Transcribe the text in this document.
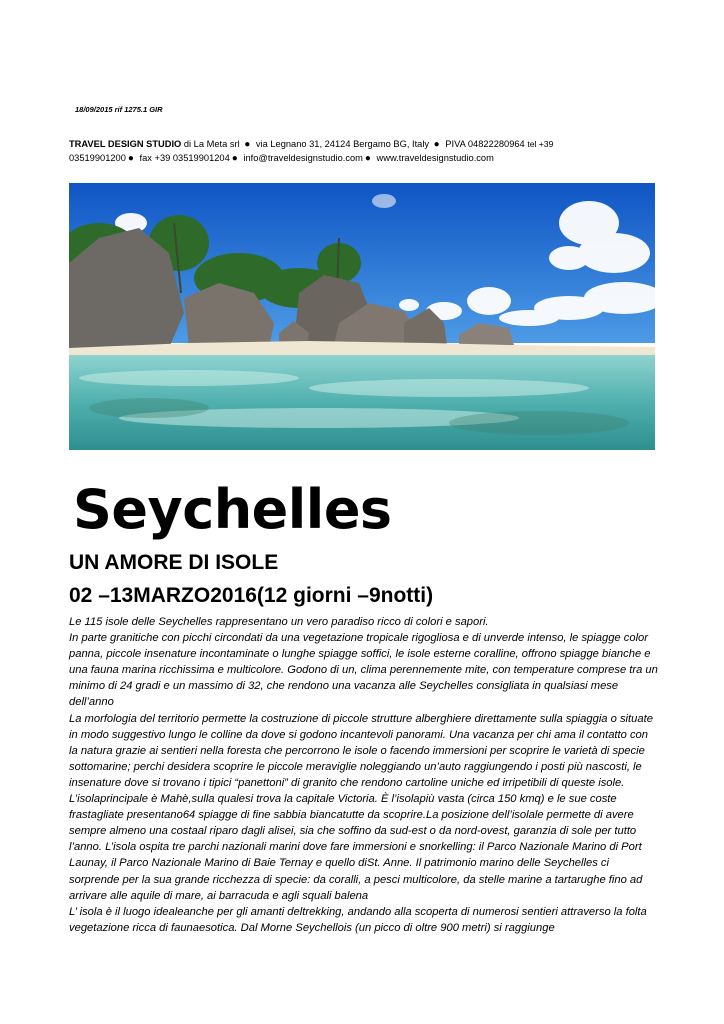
18/09/2015 rif 1275.1 GIR
TRAVEL DESIGN STUDIO di La Meta srl ● via Legnano 31, 24124 Bergamo BG, Italy ● PIVA 04822280964 tel +39
03519901200 ● fax +39 03519901204 ● info@traveldesignstudio.com ● www.traveldesignstudio.com
Seychelles
UN AMORE DI ISOLE
02 –13MARZO2016(12 giorni –9notti)

Le 115 isole delle Seychelles rappresentano un vero paradiso ricco di colori e sapori.

In parte granitiche con picchi circondati da una vegetazione tropicale rigogliosa e di unverde intenso, le spiagge color panna, piccole insenature incontaminate o lunghe spiagge soffici, le isole esterne coralline, offrono spiagge bianche e una fauna marina ricchissima e multicolore. Godono di un, clima perennemente mite, con temperature comprese tra un minimo di 24 gradi e un massimo di 32, che rendono una vacanza alle Seychelles consigliata in qualsiasi mese dell’anno

La morfologia del territorio permette la costruzione di piccole strutture alberghiere direttamente sulla spiaggia o situate in modo suggestivo lungo le colline da dove si godono incantevoli panorami. Una vacanza per chi ama il contatto con la natura grazie ai sentieri nella foresta che percorrono le isole o facendo immersioni per scoprire le varietà di specie sottomarine; perchi desidera scoprire le piccole meraviglie noleggiando un’auto raggiungendo i posti più nascosti, le insenature dove si trovano i tipici “panettoni” di granito che rendono cartoline uniche ed irripetibili di queste isole.

L’isolaprincipale è Mahè,sulla qualesi trova la capitale Victoria. È l’isolapiù vasta (circa 150 kmq) e le sue coste frastagliate presentano64 spiagge di fine sabbia biancatutte da scoprire.La posizione dell’isolale permette di avere sempre almeno una costaal riparo dagli alisei, sia che soffino da sud-est o da nord-ovest, garanzia di sole per tutto l’anno. L’isola ospita tre parchi nazionali marini dove fare immersioni e snorkelling: il Parco Nazionale Marino di Port Launay, il Parco Nazionale Marino di Baie Ternay e quello diSt. Anne. Il patrimonio marino delle Seychelles ci sorprende per la sua grande ricchezza di specie: da coralli, a pesci multicolore, da stelle marine a tartarughe fino ad arrivare alle aquile di mare, ai barracuda e agli squali balena

L’ isola è il luogo idealeanche per gli amanti deltrekking, andando alla scoperta di numerosi sentieri attraverso la folta vegetazione ricca di faunaesotica. Dal Morne Seychellois (un picco di oltre 900 metri) si raggiunge
